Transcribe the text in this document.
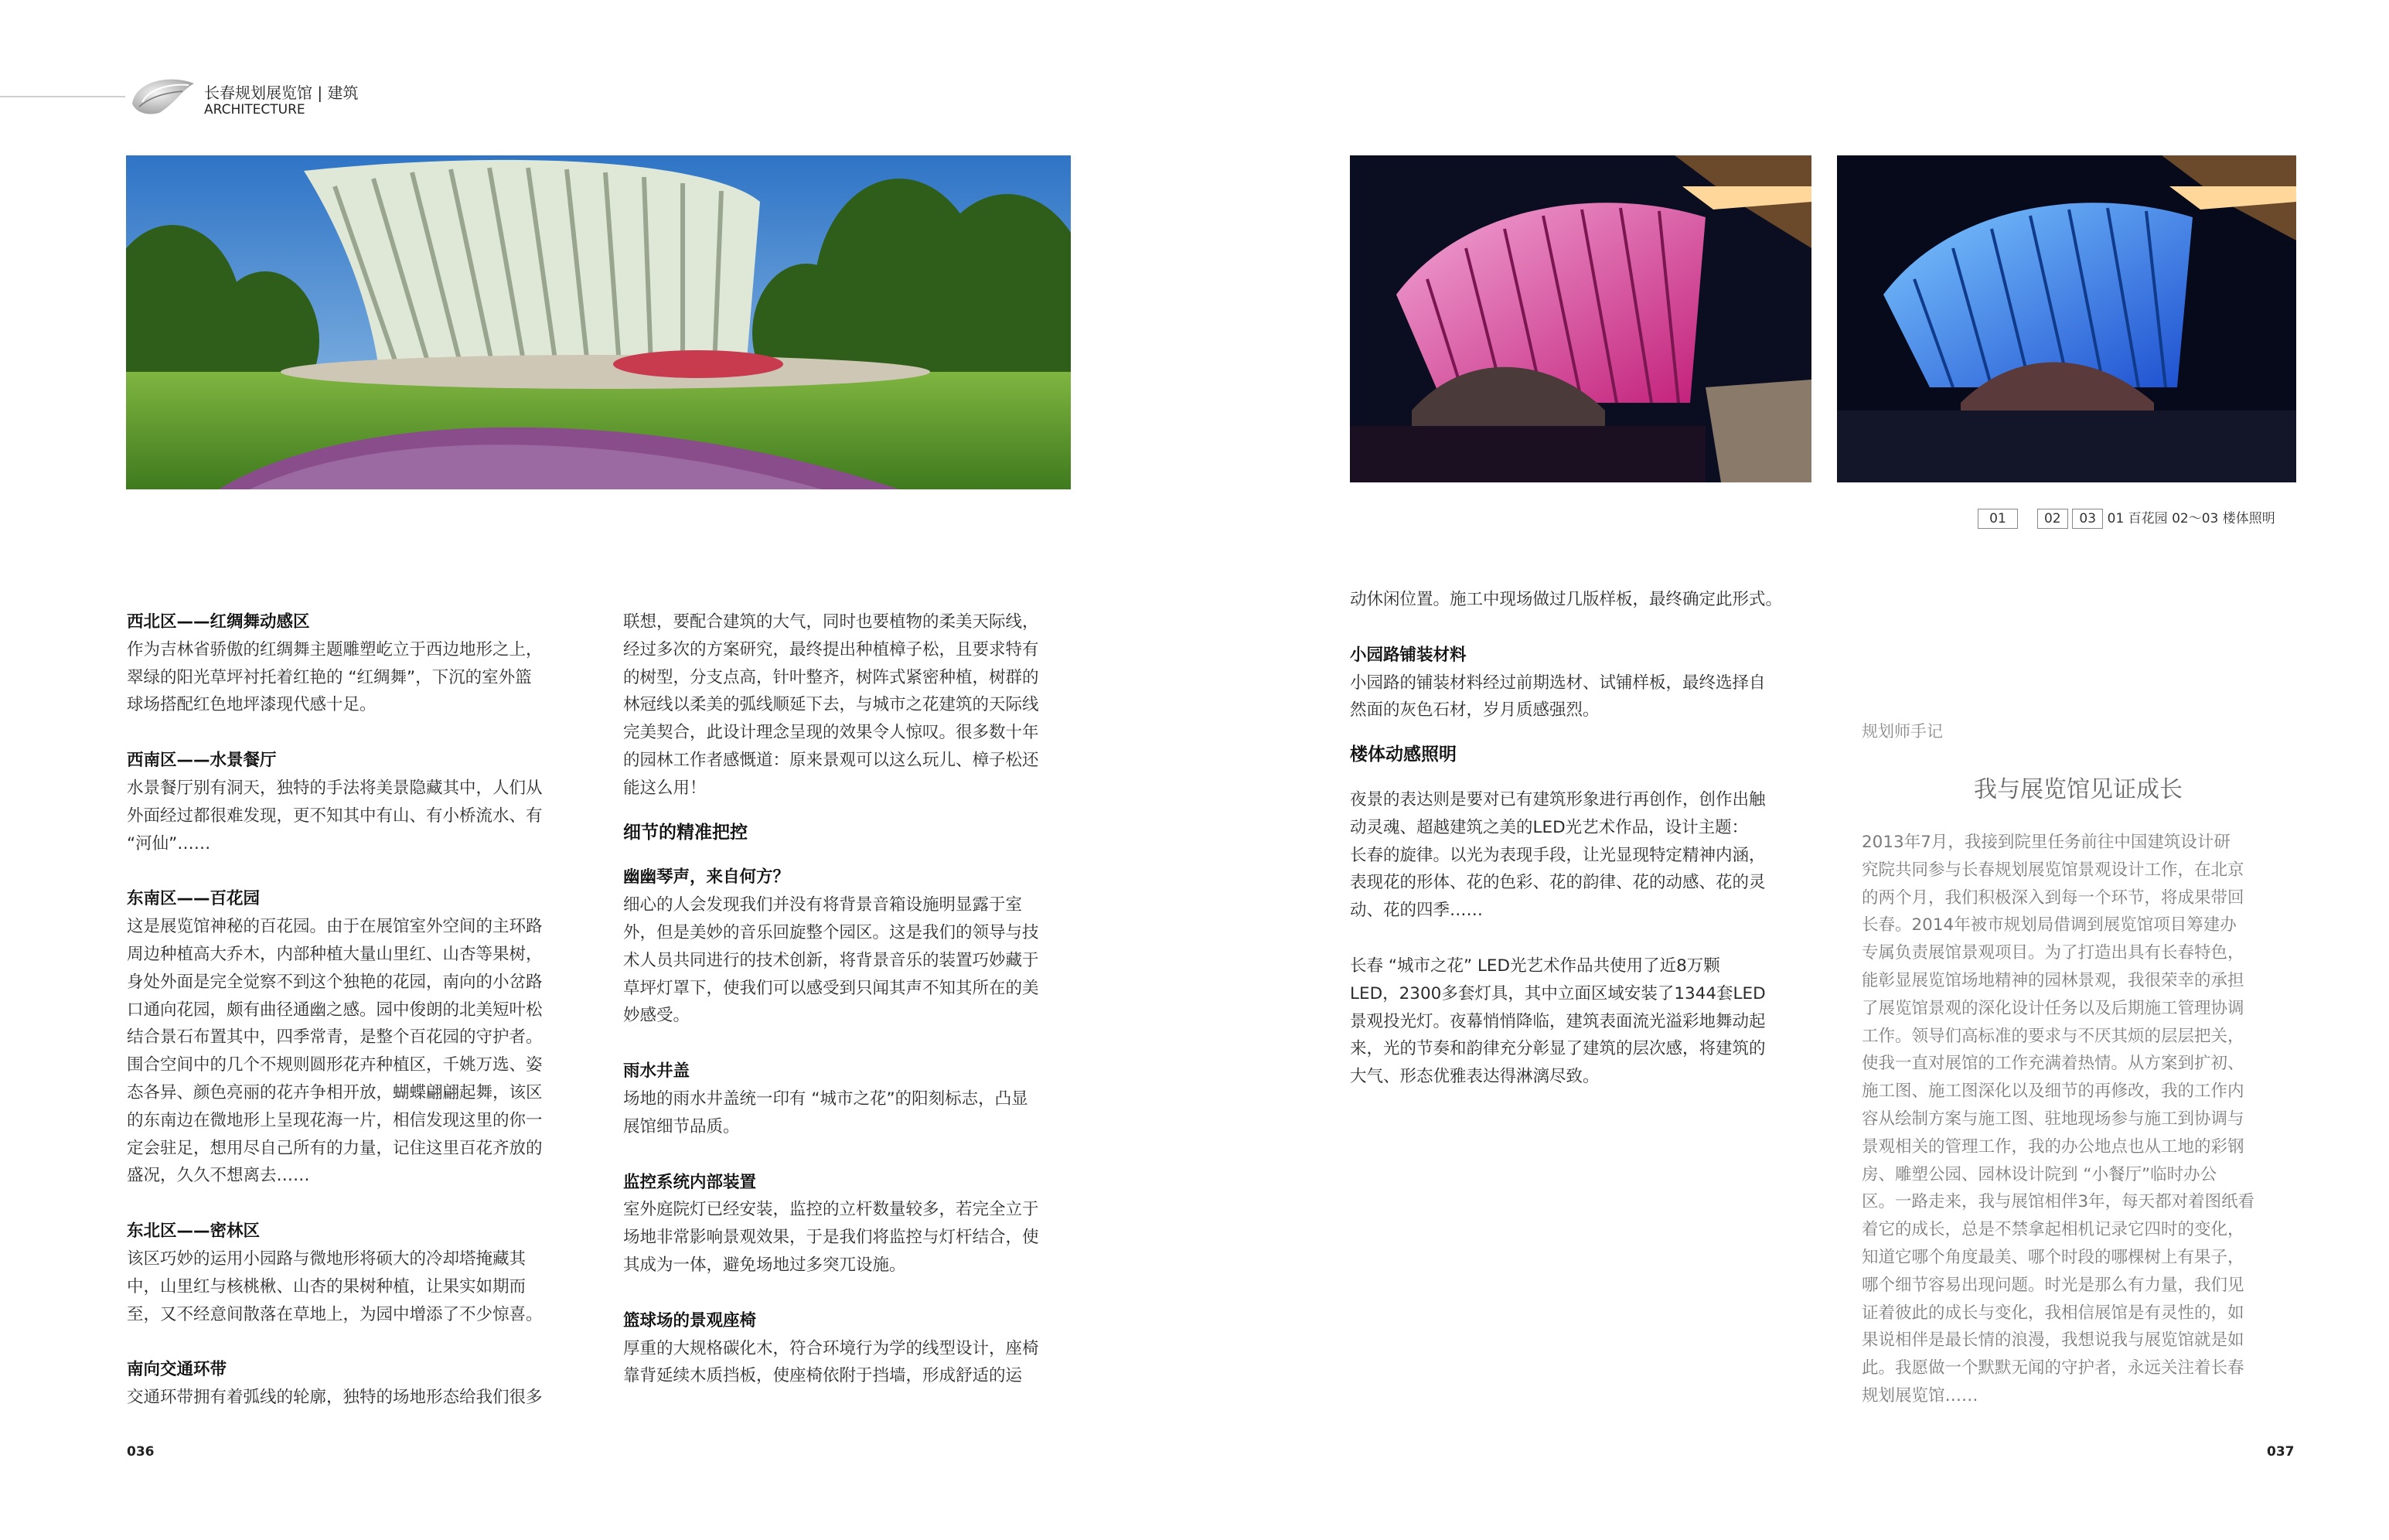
长春规划展览馆 | 建筑
ARCHITECTURE
01	02 03 01 百花园 02～03 楼体照明

西北区——红绸舞动感区

作为吉林省骄傲的红绸舞主题雕塑屹立于西边地形之上，

翠绿的阳光草坪衬托着红艳的 “红绸舞”，下沉的室外篮

球场搭配红色地坪漆现代感十足。

西南区——水景餐厅

水景餐厅别有洞天，独特的手法将美景隐藏其中，人们从

外面经过都很难发现，更不知其中有山、有小桥流水、有

“河仙”……

东南区——百花园

这是展览馆神秘的百花园。由于在展馆室外空间的主环路

周边种植高大乔木，内部种植大量山里红、山杏等果树，

身处外面是完全觉察不到这个独艳的花园，南向的小岔路

口通向花园，颇有曲径通幽之感。园中俊朗的北美短叶松

结合景石布置其中，四季常青，是整个百花园的守护者。

围合空间中的几个不规则圆形花卉种植区，千姚万选、姿

态各异、颜色亮丽的花卉争相开放，蝴蝶翩翩起舞，该区

的东南边在微地形上呈现花海一片，相信发现这里的你一

定会驻足，想用尽自己所有的力量，记住这里百花齐放的

盛况，久久不想离去……

东北区——密林区

该区巧妙的运用小园路与微地形将硕大的冷却塔掩藏其

中，山里红与核桃楸、山杏的果树种植，让果实如期而

至，又不经意间散落在草地上，为园中增添了不少惊喜。

南向交通环带

交通环带拥有着弧线的轮廓，独特的场地形态给我们很多

联想，要配合建筑的大气，同时也要植物的柔美天际线，

经过多次的方案研究，最终提出种植樟子松，且要求特有

的树型，分支点高，针叶整齐，树阵式紧密种植，树群的

林冠线以柔美的弧线顺延下去，与城市之花建筑的天际线

完美契合，此设计理念呈现的效果令人惊叹。很多数十年

的园林工作者感慨道：原来景观可以这么玩儿、樟子松还

能这么用！

细节的精准把控

幽幽琴声，来自何方？

细心的人会发现我们并没有将背景音箱设施明显露于室

外，但是美妙的音乐回旋整个园区。这是我们的领导与技

术人员共同进行的技术创新，将背景音乐的装置巧妙藏于

草坪灯罩下，使我们可以感受到只闻其声不知其所在的美

妙感受。

雨水井盖

场地的雨水井盖统一印有 “城市之花”的阳刻标志，凸显

展馆细节品质。

监控系统内部装置

室外庭院灯已经安装，监控的立杆数量较多，若完全立于

场地非常影响景观效果，于是我们将监控与灯杆结合，使

其成为一体，避免场地过多突兀设施。

篮球场的景观座椅

厚重的大规格碳化木，符合环境行为学的线型设计，座椅

靠背延续木质挡板，使座椅依附于挡墙，形成舒适的运

动休闲位置。施工中现场做过几版样板，最终确定此形式。

小园路铺装材料

小园路的铺装材料经过前期选材、试铺样板，最终选择自

然面的灰色石材，岁月质感强烈。

楼体动感照明

夜景的表达则是要对已有建筑形象进行再创作，创作出触

动灵魂、超越建筑之美的LED光艺术作品，设计主题：

长春的旋律。以光为表现手段，让光显现特定精神内涵，

表现花的形体、花的色彩、花的韵律、花的动感、花的灵

动、花的四季……

长春 “城市之花” LED光艺术作品共使用了近8万颗

LED，2300多套灯具，其中立面区域安装了1344套LED

景观投光灯。夜幕悄悄降临，建筑表面流光溢彩地舞动起

来，光的节奏和韵律充分彰显了建筑的层次感，将建筑的

大气、形态优雅表达得淋漓尽致。

规划师手记
我与展览馆见证成长

2013年7月，我接到院里任务前往中国建筑设计研

究院共同参与长春规划展览馆景观设计工作，在北京

的两个月，我们积极深入到每一个环节，将成果带回

长春。2014年被市规划局借调到展览馆项目筹建办

专属负责展馆景观项目。为了打造出具有长春特色，

能彰显展览馆场地精神的园林景观，我很荣幸的承担

了展览馆景观的深化设计任务以及后期施工管理协调

工作。领导们高标准的要求与不厌其烦的层层把关，

使我一直对展馆的工作充满着热情。从方案到扩初、

施工图、施工图深化以及细节的再修改，我的工作内

容从绘制方案与施工图、驻地现场参与施工到协调与

景观相关的管理工作，我的办公地点也从工地的彩钢

房、雕塑公园、园林设计院到 “小餐厅”临时办公

区。一路走来，我与展馆相伴3年，每天都对着图纸看

着它的成长，总是不禁拿起相机记录它四时的变化，

知道它哪个角度最美、哪个时段的哪棵树上有果子，

哪个细节容易出现问题。时光是那么有力量，我们见

证着彼此的成长与变化，我相信展馆是有灵性的，如

果说相伴是最长情的浪漫，我想说我与展览馆就是如

此。我愿做一个默默无闻的守护者，永远关注着长春

规划展览馆……

036	037
